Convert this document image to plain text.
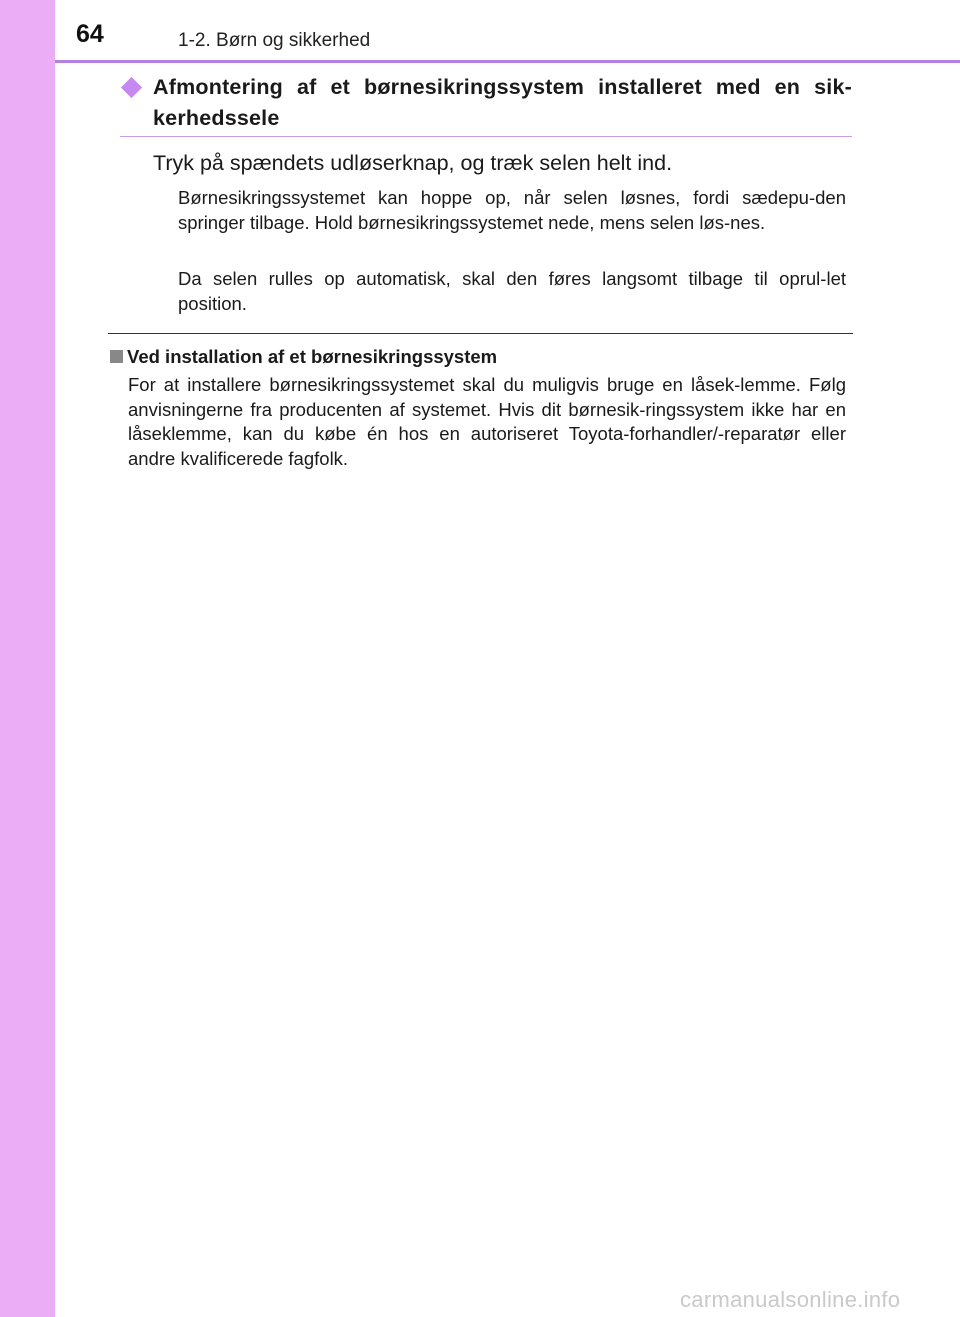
64	1-2. Børn og sikkerhed
Afmontering af et børnesikringssystem installeret med en sik-kerhedssele
Tryk på spændets udløserknap, og træk selen helt ind.
Børnesikringssystemet kan hoppe op, når selen løsnes, fordi sædepu-den springer tilbage. Hold børnesikringssystemet nede, mens selen løs-nes.
Da selen rulles op automatisk, skal den føres langsomt tilbage til oprul-let position.
Ved installation af et børnesikringssystem
For at installere børnesikringssystemet skal du muligvis bruge en låsek-lemme. Følg anvisningerne fra producenten af systemet. Hvis dit børnesik-ringssystem ikke har en låseklemme, kan du købe én hos en autoriseret Toyota-forhandler/-reparatør eller andre kvalificerede fagfolk.
carmanualsonline.info
